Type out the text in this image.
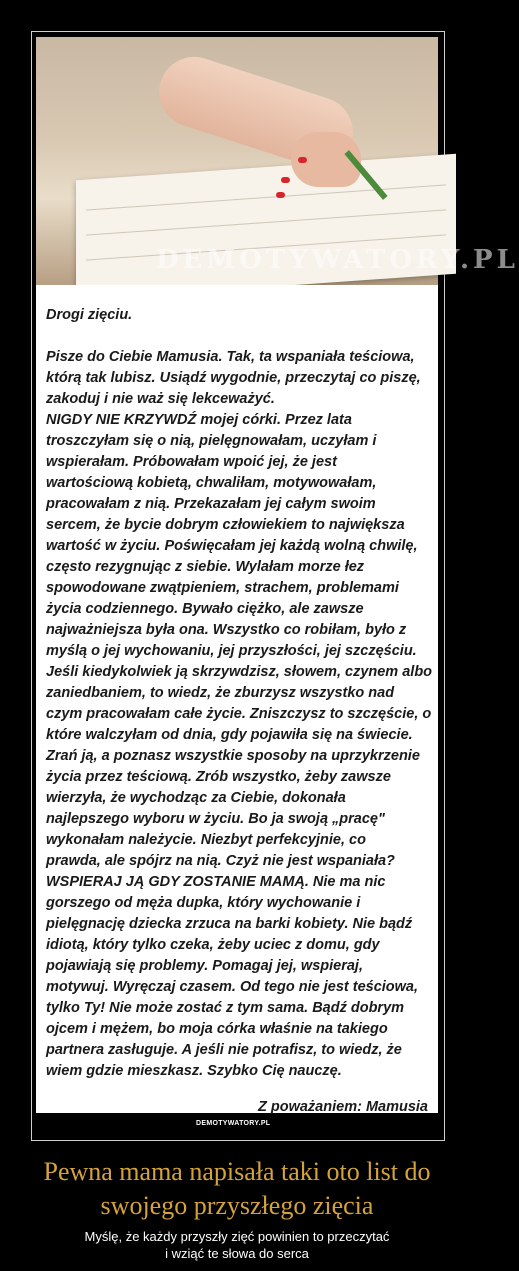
DEMOTYWATORY.PL

Drogi zięciu.

Pisze do Ciebie Mamusia. Tak, ta wspaniała teściowa,

którą tak lubisz. Usiądź wygodnie, przeczytaj co piszę,

zakoduj i nie waż się lekceważyć.

NIGDY NIE KRZYWDŹ mojej córki. Przez lata

troszczyłam się o nią, pielęgnowałam, uczyłam i

wspierałam. Próbowałam wpoić jej, że jest

wartościową kobietą, chwaliłam, motywowałam,

pracowałam z nią. Przekazałam jej całym swoim

sercem, że bycie dobrym człowiekiem to największa

wartość w życiu. Poświęcałam jej każdą wolną chwilę,

często rezygnując z siebie. Wylałam morze łez

spowodowane zwątpieniem, strachem, problemami

życia codziennego. Bywało ciężko, ale zawsze

najważniejsza była ona. Wszystko co robiłam, było z

myślą o jej wychowaniu, jej przyszłości, jej szczęściu.

Jeśli kiedykolwiek ją skrzywdzisz, słowem, czynem albo

zaniedbaniem, to wiedz, że zburzysz wszystko nad

czym pracowałam całe życie. Zniszczysz to szczęście, o

które walczyłam od dnia, gdy pojawiła się na świecie.

Zrań ją, a poznasz wszystkie sposoby na uprzykrzenie

życia przez teściową. Zrób wszystko, żeby zawsze

wierzyła, że wychodząc za Ciebie, dokonała

najlepszego wyboru w życiu. Bo ja swoją „pracę"

wykonałam należycie. Niezbyt perfekcyjnie, co

prawda, ale spójrz na nią. Czyż nie jest wspaniała?

WSPIERAJ JĄ GDY ZOSTANIE MAMĄ. Nie ma nic

gorszego od męża dupka, który wychowanie i

pielęgnację dziecka zrzuca na barki kobiety. Nie bądź

idiotą, który tylko czeka, żeby uciec z domu, gdy

pojawiają się problemy. Pomagaj jej, wspieraj,

motywuj. Wyręczaj czasem. Od tego nie jest teściowa,

tylko Ty! Nie może zostać z tym sama. Bądź dobrym

ojcem i mężem, bo moja córka właśnie na takiego

partnera zasługuje. A jeśli nie potrafisz, to wiedz, że

wiem gdzie mieszkasz. Szybko Cię nauczę.

Z poważaniem: Mamusia
DEMOTYWATORY.PL
Pewna mama napisała taki oto list do swojego przyszłego zięcia
Myślę, że każdy przyszły zięć powinien to przeczytać
i wziąć te słowa do serca
